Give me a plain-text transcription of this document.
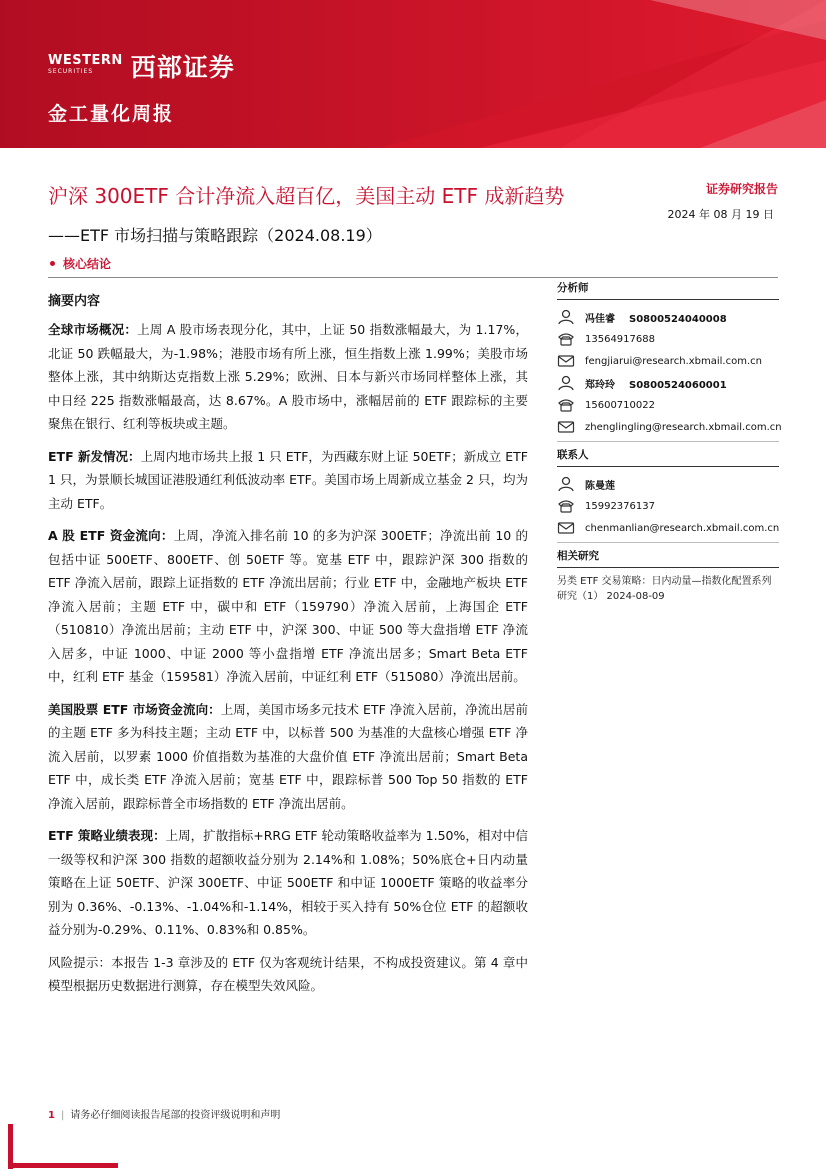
WESTERN
SECURITIES	西部证券
金工量化周报
沪深 300ETF 合计净流入超百亿，美国主动 ETF 成新趋势	证券研究报告
2024 年 08 月 19 日
——ETF 市场扫描与策略跟踪（2024.08.19）
核心结论
摘要内容

全球市场概况：上周 A 股市场表现分化，其中，上证 50 指数涨幅最大，为 1.17%，北证 50 跌幅最大，为-1.98%；港股市场有所上涨，恒生指数上涨 1.99%；美股市场整体上涨，其中纳斯达克指数上涨 5.29%；欧洲、日本与新兴市场同样整体上涨，其中日经 225 指数涨幅最高，达 8.67%。A 股市场中，涨幅居前的 ETF 跟踪标的主要聚焦在银行、红利等板块或主题。

ETF 新发情况：上周内地市场共上报 1 只 ETF，为西藏东财上证 50ETF；新成立 ETF 1 只，为景顺长城国证港股通红利低波动率 ETF。美国市场上周新成立基金 2 只，均为主动 ETF。

A 股 ETF 资金流向：上周，净流入排名前 10 的多为沪深 300ETF；净流出前 10 的包括中证 500ETF、800ETF、创 50ETF 等。宽基 ETF 中，跟踪沪深 300 指数的 ETF 净流入居前，跟踪上证指数的 ETF 净流出居前；行业 ETF 中，金融地产板块 ETF 净流入居前；主题 ETF 中，碳中和 ETF（159790）净流入居前，上海国企 ETF（510810）净流出居前；主动 ETF 中，沪深 300、中证 500 等大盘指增 ETF 净流入居多，中证 1000、中证 2000 等小盘指增 ETF 净流出居多；Smart Beta ETF 中，红利 ETF 基金（159581）净流入居前，中证红利 ETF（515080）净流出居前。

美国股票 ETF 市场资金流向：上周，美国市场多元技术 ETF 净流入居前，净流出居前的主题 ETF 多为科技主题；主动 ETF 中，以标普 500 为基准的大盘核心增强 ETF 净流入居前，以罗素 1000 价值指数为基准的大盘价值 ETF 净流出居前；Smart Beta ETF 中，成长类 ETF 净流入居前；宽基 ETF 中，跟踪标普 500 Top 50 指数的 ETF 净流入居前，跟踪标普全市场指数的 ETF 净流出居前。

ETF 策略业绩表现：上周，扩散指标+RRG ETF 轮动策略收益率为 1.50%，相对中信一级等权和沪深 300 指数的超额收益分别为 2.14%和 1.08%；50%底仓+日内动量策略在上证 50ETF、沪深 300ETF、中证 500ETF 和中证 1000ETF 策略的收益率分别为 0.36%、-0.13%、-1.04%和-1.14%，相较于买入持有 50%仓位 ETF 的超额收益分别为-0.29%、0.11%、0.83%和 0.85%。

风险提示：本报告 1-3 章涉及的 ETF 仅为客观统计结果，不构成投资建议。第 4 章中模型根据历史数据进行测算，存在模型失效风险。

分析师
冯佳睿 S0800524040008
13564917688
fengjiarui@research.xbmail.com.cn
郑玲玲 S0800524060001
15600710022
zhenglingling@research.xbmail.com.cn
联系人
陈曼莲
15992376137
chenmanlian@research.xbmail.com.cn
相关研究
另类 ETF 交易策略：日内动量—指数化配置系列研究（1） 2024-08-09
1 | 请务必仔细阅读报告尾部的投资评级说明和声明
